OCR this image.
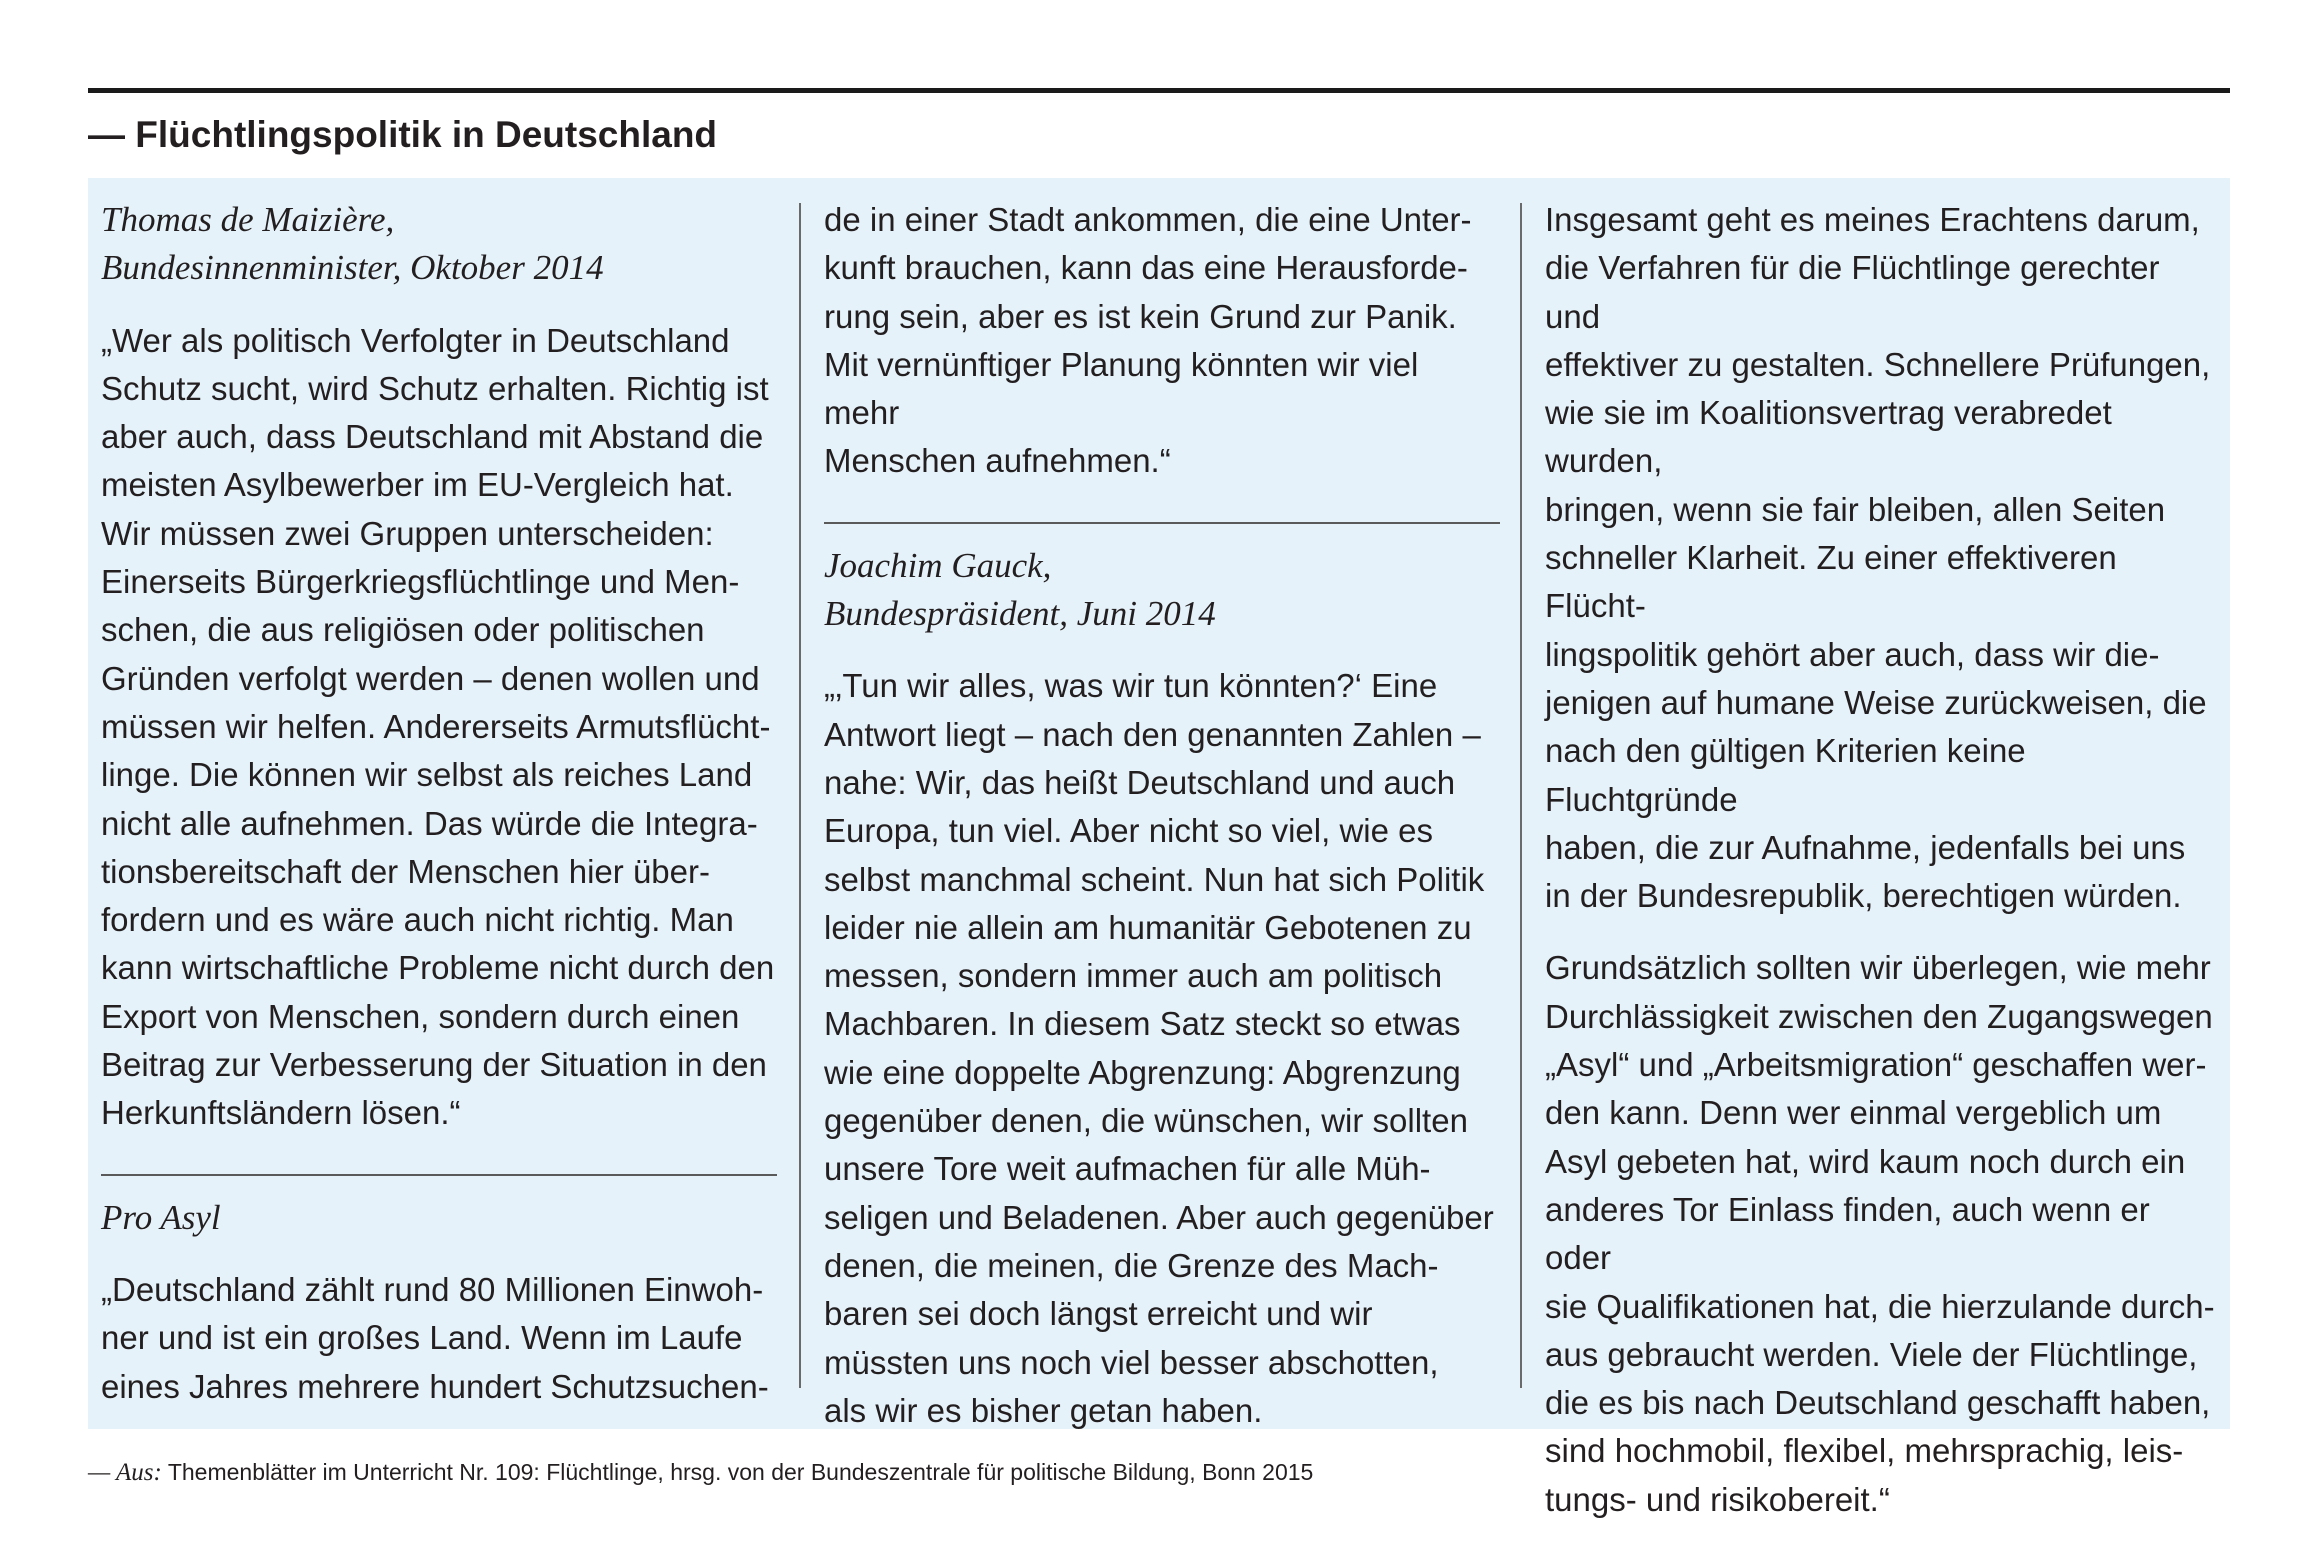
— Flüchtlingspolitik in Deutschland

Thomas de Maizière,

Bundesinnenminister, Oktober 2014

„Wer als politisch Verfolgter in Deutschland

Schutz sucht, wird Schutz erhalten. Richtig ist

aber auch, dass Deutschland mit Abstand die

meisten Asylbewerber im EU-Vergleich hat.

Wir müssen zwei Gruppen unterscheiden:

Einerseits Bürgerkriegsflüchtlinge und Men-

schen, die aus religiösen oder politischen

Gründen verfolgt werden – denen wollen und

müssen wir helfen. Andererseits Armutsflücht-

linge. Die können wir selbst als reiches Land

nicht alle aufnehmen. Das würde die Integra-

tionsbereitschaft der Menschen hier über-

fordern und es wäre auch nicht richtig. Man

kann wirtschaftliche Probleme nicht durch den

Export von Menschen, sondern durch einen

Beitrag zur Verbesserung der Situation in den

Herkunftsländern lösen.“

Pro Asyl

„Deutschland zählt rund 80 Millionen Einwoh-

ner und ist ein großes Land. Wenn im Laufe

eines Jahres mehrere hundert Schutzsuchen-

de in einer Stadt ankommen, die eine Unter-

kunft brauchen, kann das eine Herausforde-

rung sein, aber es ist kein Grund zur Panik.

Mit vernünftiger Planung könnten wir viel mehr

Menschen aufnehmen.“

Joachim Gauck,

Bundespräsident, Juni 2014

„‚Tun wir alles, was wir tun könnten?‘ Eine

Antwort liegt – nach den genannten Zahlen –

nahe: Wir, das heißt Deutschland und auch

Europa, tun viel. Aber nicht so viel, wie es

selbst manchmal scheint. Nun hat sich Politik

leider nie allein am humanitär Gebotenen zu

messen, sondern immer auch am politisch

Machbaren. In diesem Satz steckt so etwas

wie eine doppelte Abgrenzung: Abgrenzung

gegenüber denen, die wünschen, wir sollten

unsere Tore weit aufmachen für alle Müh-

seligen und Beladenen. Aber auch gegenüber

denen, die meinen, die Grenze des Mach-

baren sei doch längst erreicht und wir

müssten uns noch viel besser abschotten,

als wir es bisher getan haben.

Insgesamt geht es meines Erachtens darum,

die Verfahren für die Flüchtlinge gerechter und

effektiver zu gestalten. Schnellere Prüfungen,

wie sie im Koalitionsvertrag verabredet wurden,

bringen, wenn sie fair bleiben, allen Seiten

schneller Klarheit. Zu einer effektiveren Flücht-

lingspolitik gehört aber auch, dass wir die-

jenigen auf humane Weise zurückweisen, die

nach den gültigen Kriterien keine Fluchtgründe

haben, die zur Aufnahme, jedenfalls bei uns

in der Bundesrepublik, berechtigen würden.

Grundsätzlich sollten wir überlegen, wie mehr

Durchlässigkeit zwischen den Zugangswegen

„Asyl“ und „Arbeitsmigration“ geschaffen wer-

den kann. Denn wer einmal vergeblich um

Asyl gebeten hat, wird kaum noch durch ein

anderes Tor Einlass finden, auch wenn er oder

sie Qualifikationen hat, die hierzulande durch-

aus gebraucht werden. Viele der Flüchtlinge,

die es bis nach Deutschland geschafft haben,

sind hochmobil, flexibel, mehrsprachig, leis-

tungs- und risikobereit.“

— Aus: Themenblätter im Unterricht Nr. 109: Flüchtlinge, hrsg. von der Bundeszentrale für politische Bildung, Bonn 2015
